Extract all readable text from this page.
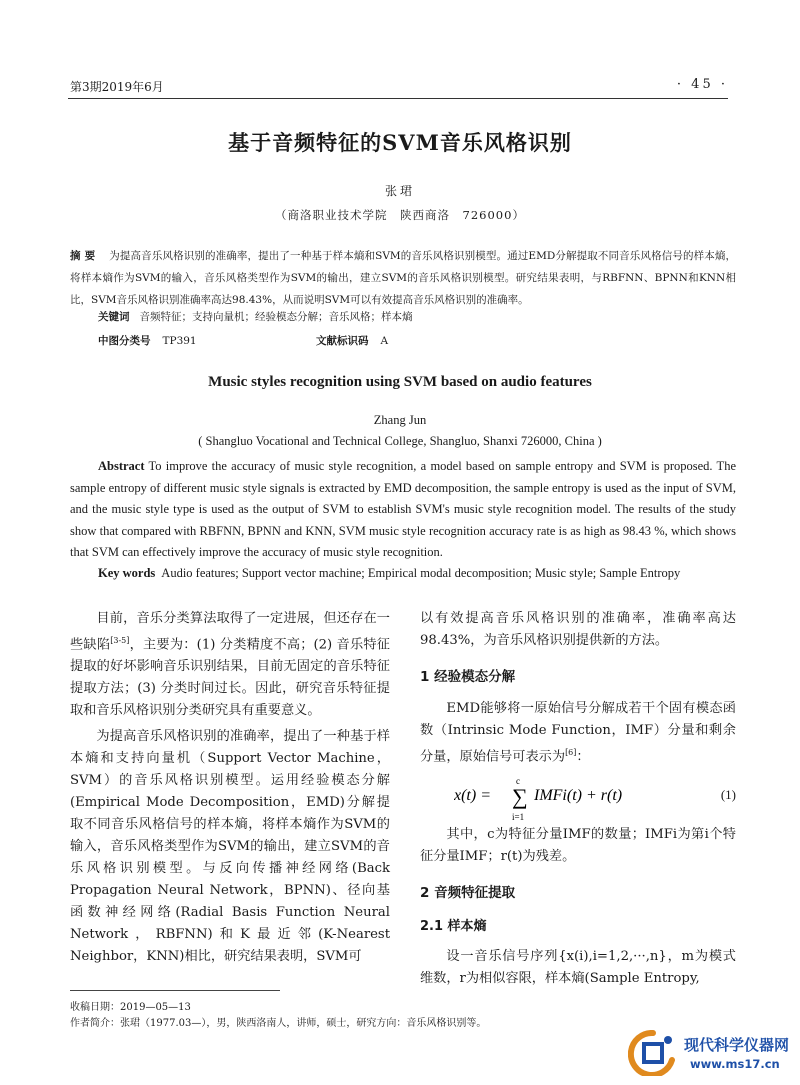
第3期2019年6月	· 45 ·
基于音频特征的SVM音乐风格识别
张珺
（商洛职业技术学院　陕西商洛　726000）
摘要 为提高音乐风格识别的准确率，提出了一种基于样本熵和SVM的音乐风格识别模型。通过EMD分解提取不同音乐风格信号的样本熵，将样本熵作为SVM的输入，音乐风格类型作为SVM的输出，建立SVM的音乐风格识别模型。研究结果表明，与RBFNN、BPNN和KNN相比，SVM音乐风格识别准确率高达98.43%，从而说明SVM可以有效提高音乐风格识别的准确率。
关键词 音频特征；支持向量机；经验模态分解；音乐风格；样本熵
中图分类号 TP391	文献标识码 A
Music styles recognition using SVM based on audio features
Zhang Jun
( Shangluo Vocational and Technical College, Shangluo, Shanxi 726000, China )
Abstract To improve the accuracy of music style recognition, a model based on sample entropy and SVM is proposed. The sample entropy of different music style signals is extracted by EMD decomposition, the sample entropy is used as the input of SVM, and the music style type is used as the output of SVM to establish SVM's music style recognition model. The results of the study show that compared with RBFNN, BPNN and KNN, SVM music style recognition accuracy rate is as high as 98.43 %, which shows that SVM can effectively improve the accuracy of music style recognition.
Key words Audio features; Support vector machine; Empirical modal decomposition; Music style; Sample Entropy

目前，音乐分类算法取得了一定进展，但还存在一些缺陷[3-5]，主要为：(1) 分类精度不高；(2) 音乐特征提取的好坏影响音乐识别结果，目前无固定的音乐特征提取方法；(3) 分类时间过长。因此，研究音乐特征提取和音乐风格识别分类研究具有重要意义。

为提高音乐风格识别的准确率，提出了一种基于样本熵和支持向量机（Support Vector Machine，SVM）的音乐风格识别模型。运用经验模态分解(Empirical Mode Decomposition，EMD)分解提取不同音乐风格信号的样本熵，将样本熵作为SVM的输入，音乐风格类型作为SVM的输出，建立SVM的音乐风格识别模型。与反向传播神经网络(Back Propagation Neural Network，BPNN)、径向基函数神经网络(Radial Basis Function Neural Network，RBFNN)和K最近邻(K-Nearest Neighbor，KNN)相比，研究结果表明，SVM可

以有效提高音乐风格识别的准确率，准确率高达98.43%，为音乐风格识别提供新的方法。

1 经验模态分解

EMD能够将一原始信号分解成若干个固有模态函数（Intrinsic Mode Function，IMF）分量和剩余分量，原始信号可表示为[6]：

x(t) = ∑
c
i=1
IMFi(t) + r(t)	(1)

其中，c为特征分量IMF的数量；IMFi为第i个特征分量IMF；r(t)为残差。

2 音频特征提取
2.1 样本熵

设一音乐信号序列{x(i),i=1,2,···,n}，m为模式维数，r为相似容限，样本熵(Sample Entropy,

收稿日期：2019—05—13
作者简介：张珺（1977.03—），男，陕西洛南人，讲师，硕士，研究方向：音乐风格识别等。
现代科学仪器网
www.ms17.cn
